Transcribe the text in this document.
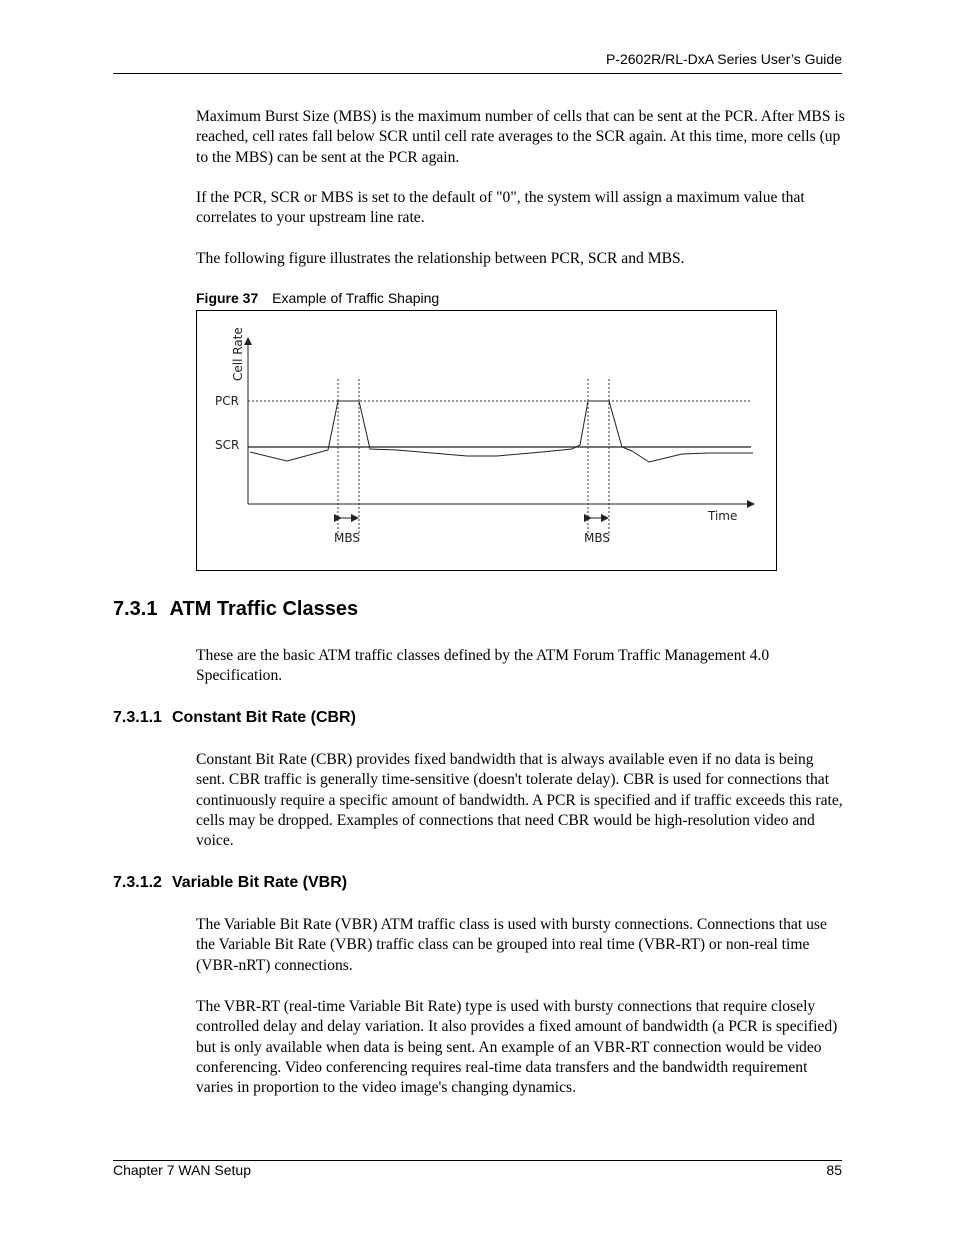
P-2602R/RL-DxA Series User’s Guide

Maximum Burst Size (MBS) is the maximum number of cells that can be sent at the PCR. After MBS is reached, cell rates fall below SCR until cell rate averages to the SCR again. At this time, more cells (up to the MBS) can be sent at the PCR again.

If the PCR, SCR or MBS is set to the default of "0", the system will assign a maximum value that correlates to your upstream line rate.

The following figure illustrates the relationship between PCR, SCR and MBS.

Figure 37 Example of Traffic Shaping
Cell Rate
Time
PCR
SCR
MBS	MBS
7.3.1 ATM Traffic Classes

These are the basic ATM traffic classes defined by the ATM Forum Traffic Management 4.0 Specification.

7.3.1.1 Constant Bit Rate (CBR)

Constant Bit Rate (CBR) provides fixed bandwidth that is always available even if no data is being sent. CBR traffic is generally time-sensitive (doesn't tolerate delay). CBR is used for connections that continuously require a specific amount of bandwidth. A PCR is specified and if traffic exceeds this rate, cells may be dropped. Examples of connections that need CBR would be high-resolution video and voice.

7.3.1.2 Variable Bit Rate (VBR)

The Variable Bit Rate (VBR) ATM traffic class is used with bursty connections. Connections that use the Variable Bit Rate (VBR) traffic class can be grouped into real time (VBR-RT) or non-real time (VBR-nRT) connections.

The VBR-RT (real-time Variable Bit Rate) type is used with bursty connections that require closely controlled delay and delay variation. It also provides a fixed amount of bandwidth (a PCR is specified) but is only available when data is being sent. An example of an VBR-RT connection would be video conferencing. Video conferencing requires real-time data transfers and the bandwidth requirement varies in proportion to the video image's changing dynamics.

Chapter 7 WAN Setup	85
